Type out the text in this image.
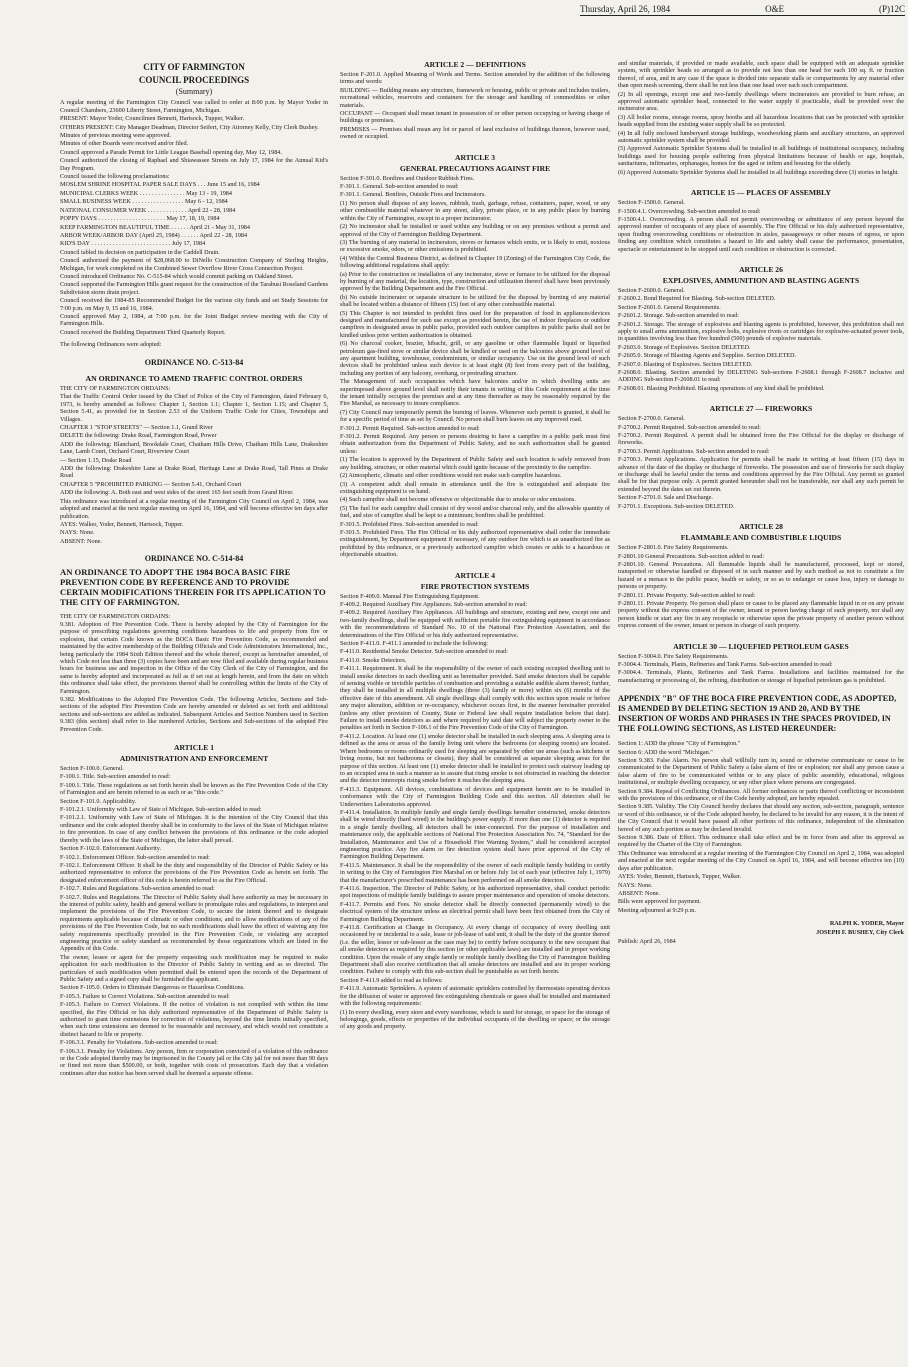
Thursday, April 26, 1984	O&E	(P)12C
CITY OF FARMINGTON
COUNCIL PROCEEDINGS
(Summary)
A regular meeting of the Farmington City Council was called to order at 8:00 p.m. by Mayor Yoder in Council Chambers, 23600 Liberty Street, Farmington, Michigan.
PRESENT: Mayor Yoder, Councilmen Bennett, Hartsock, Tupper, Walker.
OTHERS PRESENT: City Manager Deadman, Director Seifert, City Attorney Kelly, City Clerk Bushey.
Minutes of previous meeting were approved.
Minutes of other Boards were received and/or filed.
Council approved a Parade Permit for Little League Baseball opening day, May 12, 1984.
Council authorized the closing of Raphael and Shiawassee Streets on July 17, 1984 for the Annual Kid's Day Program.
Council issued the following proclamations:
MOSLEM SHRINE HOSPITAL PAPER SALE DAYS . . . June 15 and 16, 1984
MUNICIPAL CLERKS WEEK . . . . . . . . . . . . . . . May 13 - 19, 1984
SMALL BUSINESS WEEK . . . . . . . . . . . . . . . . . May 6 - 12, 1984
NATIONAL CONSUMER WEEK . . . . . . . . . . . . . April 22 - 28, 1984
POPPY DAYS . . . . . . . . . . . . . . . . . . . . . . May 17, 18, 19, 1984
KEEP FARMINGTON BEAUTIFUL TIME . . . . . . April 21 - May 31, 1984
ARBOR WEEK/ARBOR DAY (April 25, 1984) . . . . . . April 22 - 28, 1984
KID'S DAY . . . . . . . . . . . . . . . . . . . . . . . . . . July 17, 1984
Council tabled its decision on participation in the Caddell Drain.
Council authorized the payment of $28,068.00 to DiNello Construction Company of Sterling Heights, Michigan, for work completed on the Combined Sewer Overflow River Cross Connection Project.
Council introduced Ordinance No. C-515-84 which would commit parking on Oakland Street.
Council supported the Farmington Hills grant request for the construction of the Tarabusi Roseland Gardens Subdivision storm drain project.
Council received the 1984-85 Recommended Budget for the various city funds and set Study Sessions for 7:00 p.m. on May 9, 15 and 16, 1984.
Council approved May 2, 1984, at 7:00 p.m. for the Joint Budget review meeting with the City of Farmington Hills.
Council received the Building Department Third Quarterly Report.
The following Ordinances were adopted:
ORDINANCE NO. C-513-84
AN ORDINANCE TO AMEND TRAFFIC CONTROL ORDERS
THE CITY OF FARMINGTON ORDAINS:
That the Traffic Control Order issued by the Chief of Police of the City of Farmington, dated February 6, 1973, is hereby amended as follows: Chapter 1, Section 1.1; Chapter 1, Section 1.15; and Chapter 5, Section 5.41, as provided for in Section 2.53 of the Uniform Traffic Code for Cities, Townships and Villages.
CHAPTER 1 "STOP STREETS" — Section 1.1, Grand River
DELETE the following: Drake Road, Farmington Road, Power
ADD the following: Blanchard, Brookdale Court, Chatham Hills Drive, Chatham Hills Lane, Drakeshire Lane, Lamb Court, Orchard Court, Riverview Court
— Section 1.15, Drake Road
ADD the following: Drakeshire Lane at Drake Road, Heritage Lane at Drake Road, Tall Pines at Drake Road
CHAPTER 5 "PROHIBITED PARKING — Section 5.41, Orchard Court
ADD the following: A. Both east and west sides of the street 165 feet south from Grand River.
This ordinance was introduced at a regular meeting of the Farmington City Council on April 2, 1984, was adopted and enacted at the next regular meeting on April 16, 1984, and will become effective ten days after publication.
AYES: Walker, Yoder, Bennett, Hartsock, Tupper.
NAYS: None.
ABSENT: None.
ORDINANCE NO. C-514-84
AN ORDINANCE TO ADOPT THE 1984 BOCA BASIC FIRE PREVENTION CODE BY REFERENCE AND TO PROVIDE CERTAIN MODIFICATIONS THEREIN FOR ITS APPLICATION TO THE CITY OF FARMINGTON.
THE CITY OF FARMINGTON ORDAINS:
9.381. Adoption of Fire Prevention Code. There is hereby adopted by the City of Farmington for the purpose of prescribing regulations governing conditions hazardous to life and property from fire or explosion, that certain Code known as the BOCA Basic Fire Prevention Code, as recommended and maintained by the active membership of the Building Officials and Code Administrators International, Inc., being particularly the 1984 Sixth Edition thereof and the whole thereof, except as hereinafter amended, of which Code not less than three (3) copies have been and are now filed and available during regular business hours for business use and inspection in the Office of the City Clerk of the City of Farmington, and the same is hereby adopted and incorporated as full as if set out at length herein, and from the date on which this ordinance shall take effect, the provisions thereof shall be controlling within the limits of the City of Farmington.
9.382. Modifications to the Adopted Fire Prevention Code. The following Articles, Sections and Sub-sections of the adopted Fire Prevention Code are hereby amended or deleted as set forth and additional sections and sub-sections are added as indicated. Subsequent Articles and Section Numbers used in Section 9.383 (this section) shall refer to like numbered Articles, Sections and Sub-sections of the adopted Fire Prevention Code.
ARTICLE 1
ADMINISTRATION AND ENFORCEMENT
Section F-100.0. General.
F-100.1. Title. Sub-section amended to read:
F-100.1. Title. These regulations as set forth herein shall be known as the Fire Prevention Code of the City of Farmington and are herein referred to as such or as "this code."
Section F-101.0. Applicability.
F-101.2.1. Uniformity with Law of State of Michigan. Sub-section added to read:
F-101.2.1. Uniformity with Law of State of Michigan. It is the intention of the City Council that this ordinance and the code adopted thereby shall be in conformity to the laws of the State of Michigan relative to fire prevention. In case of any conflict between the provisions of this ordinance or the code adopted thereby with the laws of the State of Michigan, the latter shall prevail.
Section F-102.0. Enforcement Authority.
F-102.1. Enforcement Officer. Sub-section amended to read:
F-102.1. Enforcement Officer. It shall be the duty and responsibility of the Director of Public Safety or his authorized representative to enforce the provisions of the Fire Prevention Code as herein set forth. The designated enforcement officer of this code is herein referred to as the Fire Official.
F-102.7. Rules and Regulations. Sub-section amended to read:
F-102.7. Rules and Regulations. The Director of Public Safety shall have authority as may be necessary in the interest of public safety, health and general welfare to promulgate rules and regulations, to interpret and implement the provisions of the Fire Prevention Code, to secure the intent thereof and to designate requirements applicable because of climatic or other conditions; and to allow modifications of any of the provisions of the Fire Prevention Code, but no such modifications shall have the effect of waiving any fire safety requirements specifically provided in the Fire Prevention Code, or violating any accepted engineering practice or safety standard as recommended by those organizations which are listed in the Appendix of this Code.
The owner, lessee or agent for the property requesting such modification may be required to make application for such modification to the Director of Public Safety in writing and as so directed. The particulars of such modification when permitted shall be entered upon the records of the Department of Public Safety and a signed copy shall be furnished the applicant.
Section F-105.0. Orders to Eliminate Dangerous or Hazardous Conditions.
F-105.3. Failure to Correct Violations. Sub-section amended to read:
F-105.3. Failure to Correct Violations. If the notice of violation is not complied with within the time specified, the Fire Official or his duly authorized representative of the Department of Public Safety is authorized to grant time extensions for correction of violations, beyond the time limits initially specified, when such time extensions are deemed to be reasonable and necessary, and which would not constitute a distinct hazard to life or property.
F-106.3.1. Penalty for Violations. Sub-section amended to read:
F-106.3.1. Penalty for Violations. Any person, firm or corporation convicted of a violation of this ordinance or the Code adopted thereby may be imprisoned in the County jail or the City jail for not more than 90 days or fined not more than $500.00, or both, together with costs of prosecution. Each day that a violation continues after due notice has been served shall be deemed a separate offense.
ARTICLE 2 — DEFINITIONS
Section F-201.0. Applied Meaning of Words and Terms. Section amended by the addition of the following terms and words:
BUILDING — Building means any structure, framework or housing, public or private and includes trailers, recreational vehicles, reservoirs and containers for the storage and handling of commodities or other materials.
OCCUPANT — Occupant shall mean tenant in possession of or other person occupying or having charge of buildings or premises.
PREMISES — Premises shall mean any lot or parcel of land exclusive of buildings thereon, however used, owned or occupied.
ARTICLE 3
GENERAL PRECAUTIONS AGAINST FIRE
Section F-301.0. Bonfires and Outdoor Rubbish Fires.
F-301.1. General. Sub-section amended to read:
F-301.1. General. Bonfires, Outside Fires and Incinerators.
(1) No person shall dispose of any leaves, rubbish, trash, garbage, refuse, containers, paper, wood, or any other combustible material whatever in any street, alley, private place, or in any public place by burning within the City of Farmington, except in a proper incinerator.
(2) No incinerator shall be installed or used within any building or on any premises without a permit and approval of the City of Farmington Building Department.
(3) The burning of any material in incinerators, stoves or furnaces which emits, or is likely to emit, noxious or excessive smoke, odors, or other emissions is prohibited.
(4) Within the Central Business District, as defined in Chapter 19 (Zoning) of the Farmington City Code, the following additional regulations shall apply:
(a) Prior to the construction or installation of any incinerator, stove or furnace to be utilized for the disposal by burning of any material, the location, type, construction and utilization thereof shall have been previously approved by the Building Department and the Fire Official.
(b) No outside incinerator or separate structure to be utilized for the disposal by burning of any material shall be located within a distance of fifteen (15) feet of any other combustible material.
(5) This Chapter is not intended to prohibit fires used for the preparation of food in appliances/devices designed and manufactured for such use except as provided herein, the use of indoor fireplaces or outdoor campfires in designated areas in public parks, provided such outdoor campfires in public parks shall not be kindled unless prior written authorization is obtained.
(6) No charcoal cooker, brazier, hibachi, grill, or any gasoline or other flammable liquid or liquefied petroleum gas-fired stove or similar device shall be kindled or used on the balconies above ground level of any apartment building, townhouse, condominium, or similar occupancy. Use on the ground level of such devices shall be prohibited unless such device is at least eight (8) feet from every part of the building, including any portion of any balcony, overhang, or protruding structure.
The Management of such occupancies which have balconies and/or in which dwelling units are superimposed above ground level shall notify their tenants in writing of this Code requirement at the time the tenant initially occupies the premises and at any time thereafter as may be reasonably required by the Fire Marshal, as necessary to insure compliance.
(7) City Council may temporarily permit the burning of leaves. Whenever such permit is granted, it shall be for a specific period of time as set by Council. No person shall burn leaves on any improved road.
F-301.2. Permit Required. Sub-section amended to read:
F-301.2. Permit Required. Any person or persons desiring to have a campfire in a public park must first obtain authorization from the Department of Public Safety, and no such authorization shall be granted unless:
(1) The location is approved by the Department of Public Safety and such location is safely removed from any building, structure, or other material which could ignite because of the proximity to the campfire.
(2) Atmospheric, climatic and other conditions would not make such campfire hazardous.
(3) A competent adult shall remain in attendance until the fire is extinguished and adequate fire extinguishing equipment is on hand.
(4) Such campfire shall not become offensive or objectionable due to smoke or odor emissions.
(5) The fuel for such campfire shall consist of dry wood and/or charcoal only, and the allowable quantity of fuel, and size of campfire shall be kept to a minimum; bonfires shall be prohibited.
F-301.5. Prohibited Fires. Sub-section amended to read:
F-301.5. Prohibited Fires. The Fire Official or his duly authorized representative shall order the immediate extinguishment, by Department equipment if necessary, of any outdoor fire which is an unauthorized fire as prohibited by this ordinance, or a previously authorized campfire which creates or adds to a hazardous or objectionable situation.
ARTICLE 4
FIRE PROTECTION SYSTEMS
Section F-409.0. Manual Fire Extinguishing Equipment.
F-409.2. Required Auxiliary Fire Appliances. Sub-section amended to read:
F-409.2. Required Auxiliary Fire Appliances. All buildings and structure, existing and new, except one and two-family dwellings, shall be equipped with sufficient portable fire extinguishing equipment in accordance with the recommendations of Standard No. 10 of the National Fire Protection Association, and the determinations of the Fire Official or his duly authorized representative.
Section F-411.0. F-411.1 amended to include the following:
F-411.0. Residential Smoke Detector. Sub-section amended to read:
F-411.0. Smoke Detectors.
F-411.1. Requirement. It shall be the responsibility of the owner of each existing occupied dwelling unit to install smoke detectors in each dwelling unit as hereinafter provided. Said smoke detectors shall be capable of sensing visible or invisible particles of combustion and providing a suitable audible alarm thereof; further, they shall be installed in all multiple dwellings (three (3) family or more) within six (6) months of the effective date of this amendment. All single dwellings shall comply with this section upon resale or before any major alteration, addition or re-occupancy, whichever occurs first, in the manner hereinafter provided (unless any other provision of County, State or Federal law shall require installation before that date). Failure to install smoke detectors as and where required by said date will subject the property owner to the penalties set forth in Section F-106.1 of the Fire Prevention Code of the City of Farmington.
F-411.2. Location. At least one (1) smoke detector shall be installed in each sleeping area. A sleeping area is defined as the area or areas of the family living unit where the bedrooms (or sleeping rooms) are located. Where bedrooms or rooms ordinarily used for sleeping are separated by other use areas (such as kitchens or living rooms, but not bathrooms or closets), they shall be considered as separate sleeping areas for the purpose of this section. At least one (1) smoke detector shall be installed to protect each stairway leading up to an occupied area in such a manner as to assure that rising smoke is not obstructed in reaching the detector and the detector intercepts rising smoke before it reaches the sleeping area.
F-411.3. Equipment. All devices, combinations of devices and equipment herein are to be installed in conformance with the City of Farmington Building Code and this section. All detectors shall be Underwriters Laboratories approved.
F-411.4. Installation. In multiple family and single family dwellings hereafter constructed, smoke detectors shall be wired directly (hard wired) to the building's power supply. If more than one (1) detector is required in a single family dwelling, all detectors shall be inter-connected. For the purpose of installation and maintenance only, the applicable sections of National Fire Protection Association No. 74, "Standard for the Installation, Maintenance and Use of a Household Fire Warning System," shall be considered accepted engineering practice. Any fire alarm or fire detection system shall have prior approval of the City of Farmington Building Department.
F-411.5. Maintenance. It shall be the responsibility of the owner of each multiple family building to certify in writing to the City of Farmington Fire Marshal on or before July 1st of each year (effective July 1, 1979) that the manufacturer's prescribed maintenance has been performed on all smoke detectors.
F-411.6. Inspection. The Director of Public Safety, or his authorized representative, shall conduct periodic spot inspections of multiple family buildings to assure proper maintenance and operation of smoke detectors.
F-411.7. Permits and Fees. No smoke detector shall be directly connected (permanently wired) to the electrical system of the structure unless an electrical permit shall have been first obtained from the City of Farmington Building Department.
F-411.8. Certification at Change in Occupancy. At every change of occupancy of every dwelling unit occasioned by or incidental to a sale, lease or job-lease of said unit, it shall be the duty of the grantor thereof (i.e. the seller, lessor or sub-lessor as the case may be) to certify before occupancy to the new occupant that all smoke detectors as required by this section (or other applicable laws) are installed and in proper working condition. Upon the resale of any single family or multiple family dwelling the City of Farmington Building Department shall also receive certification that all smoke detectors are installed and are in proper working condition. Failure to comply with this sub-section shall be punishable as set forth herein.
Section F-411.9 added to read as follows:
F-411.9. Automatic Sprinklers. A system of automatic sprinklers controlled by thermostats operating devices for the diffusion of water or approved fire extinguishing chemicals or gases shall be installed and maintained with the following requirements:
(1) In every dwelling, every store and every warehouse, which is used for storage, or space for the storage of belongings, goods, effects or properties of the individual occupants of the dwelling or space; or the storage of any goods and property.
and similar materials, if provided or made available, such space shall be equipped with an adequate sprinkler system, with sprinkler heads so arranged as to provide not less than one head for each 100 sq. ft. or fraction thereof, of area, and in any case if the space is divided into separate stalls or compartments by any material other than open mesh screening, there shall be not less than one head over each such compartment.
(2) In all openings, except one and two-family dwellings where incinerators are provided to burn refuse, an approved automatic sprinkler head, connected to the water supply if practicable, shall be provided over the incinerator area.
(3) All boiler rooms, storage rooms, spray booths and all hazardous locations that can be protected with sprinkler heads supplied from the existing water supply shall be so protected.
(4) In all fully enclosed lumberyard storage buildings, woodworking plants and auxiliary structures, an approved automatic sprinkler system shall be provided.
(5) Approved Automatic Sprinkler Systems shall be installed in all buildings of institutional occupancy, including buildings used for housing people suffering from physical limitations because of health or age, hospitals, sanitariums, infirmaries, orphanages, homes for the aged or infirm and housing for the elderly.
(6) Approved Automatic Sprinkler Systems shall be installed in all buildings exceeding three (3) stories in height.
ARTICLE 15 — PLACES OF ASSEMBLY
Section F-1500.0. General.
F-1500.4.1. Overcrowding. Sub-section amended to read:
F-1500.4.1. Overcrowding. A person shall not permit overcrowding or admittance of any person beyond the approved number of occupants of any place of assembly. The Fire Official or his duly authorized representative, upon finding overcrowding conditions or obstruction in aisles, passageways or other means of egress, or upon finding any condition which constitutes a hazard to life and safety shall cause the performance, presentation, spectacle or entertainment to be stopped until such condition or obstruction is corrected.
ARTICLE 26
EXPLOSIVES, AMMUNITION AND BLASTING AGENTS
Section F-2600.0. General.
F-2600.2. Bond Required for Blasting. Sub-section DELETED.
Section F-2601.0. General Requirements.
F-2601.2. Storage. Sub-section amended to read:
F-2601.2. Storage. The storage of explosives and blasting agents is prohibited, however, this prohibition shall not apply to small arms ammunition, explosive bolts, explosive rivets or cartridges for explosive-actuated power tools, in quantities involving less than five hundred (500) pounds of explosive materials.
F-2603.0. Storage of Explosives. Section DELETED.
F-2605.0. Storage of Blasting Agents and Supplies. Section DELETED.
F-2607.0. Blasting of Explosives. Section DELETED.
F-2608.0. Blasting. Section amended by DELETING Sub-sections F-2608.1 through F-2608.7 inclusive and ADDING Sub-section F-2608.01 to read:
F-2608.01. Blasting Prohibited. Blasting operations of any kind shall be prohibited.
ARTICLE 27 — FIREWORKS
Section F-2700.0. General.
F-2700.2. Permit Required. Sub-section amended to read:
F-2700.2. Permit Required. A permit shall be obtained from the Fire Official for the display or discharge of fireworks.
F-2700.3. Permit Applications. Sub-section amended to read:
F-2700.3. Permit Applications. Application for permits shall be made in writing at least fifteen (15) days in advance of the date of the display or discharge of fireworks. The possession and use of fireworks for such display or discharge shall be lawful under the terms and conditions approved by the Fire Official. Any permit so granted shall be for that purpose only. A permit granted hereunder shall not be transferable, nor shall any such permit be extended beyond the dates set out therein.
Section F-2701.0. Sale and Discharge.
F-2701.1. Exceptions. Sub-section DELETED.
ARTICLE 28
FLAMMABLE AND COMBUSTIBLE LIQUIDS
Section F-2801.0. Fire Safety Requirements.
F-2801.10 General Precautions. Sub-section added to read:
F-2801.10. General Precautions. All flammable liquids shall be manufactured, processed, kept or stored, transported or otherwise handled or disposed of in such manner and by such method as not to constitute a fire hazard or a menace to the public peace, health or safety, or so as to endanger or cause loss, injury or damage to persons or property.
F-2801.11. Private Property. Sub-section added to read:
F-2801.11. Private Property. No person shall place or cause to be placed any flammable liquid in or on any private property without the express consent of the owner, tenant or person having charge of such property, nor shall any person kindle or start any fire in any receptacle or otherwise upon the private property of another person without express consent of the owner, tenant or person in charge of such property.
ARTICLE 30 — LIQUEFIED PETROLEUM GASES
Section F-3004.0. Fire Safety Requirements.
F-3004.4. Terminals, Plants, Refineries and Tank Farms. Sub-section amended to read:
F-3004.4. Terminals, Plants, Refineries and Tank Farms. Installations and facilities maintained for the manufacturing or processing of, the refining, distribution or storage of liquefied petroleum gas is prohibited.
APPENDIX "B" OF THE BOCA FIRE PREVENTION CODE, AS ADOPTED, IS AMENDED BY DELETING SECTION 19 AND 20, AND BY THE INSERTION OF WORDS AND PHRASES IN THE SPACES PROVIDED, IN THE FOLLOWING SECTIONS, AS LISTED HEREUNDER:
Section 1: ADD the phrase "City of Farmington."
Section 6: ADD the word "Michigan."
Section 9.383. False Alarm. No person shall willfully turn in, sound or otherwise communicate or cause to be communicated to the Department of Public Safety a false alarm of fire or explosion; nor shall any person cause a false alarm of fire to be communicated within or to any place of public assembly, educational, religious institutional, or multiple dwelling occupancy, or any other place where persons are congregated.
Section 9.384. Repeal of Conflicting Ordinances. All former ordinances or parts thereof conflicting or inconsistent with the provisions of this ordinance, or of the Code hereby adopted, are hereby repealed.
Section 9.385. Validity. The City Council hereby declares that should any section, sub-section, paragraph, sentence or word of this ordinance, or of the Code adopted hereby, be declared to be invalid for any reason, it is the intent of the City Council that it would have passed all other portions of this ordinance, independent of the elimination hereof of any such portion as may be declared invalid.
Section 9.386. Date of Effect. This ordinance shall take effect and be in force from and after its approval as required by the Charter of the City of Farmington.
This Ordinance was introduced at a regular meeting of the Farmington City Council on April 2, 1984, was adopted and enacted at the next regular meeting of the City Council on April 16, 1984, and will become effective ten (10) days after publication.
AYES: Yoder, Bennett, Hartsock, Tupper, Walker.
NAYS: None.
ABSENT: None.
Bills were approved for payment.
Meeting adjourned at 9:29 p.m.
RALPH K. YODER, Mayor
JOSEPH F. BUSHEY, City Clerk
Publish: April 26, 1984
